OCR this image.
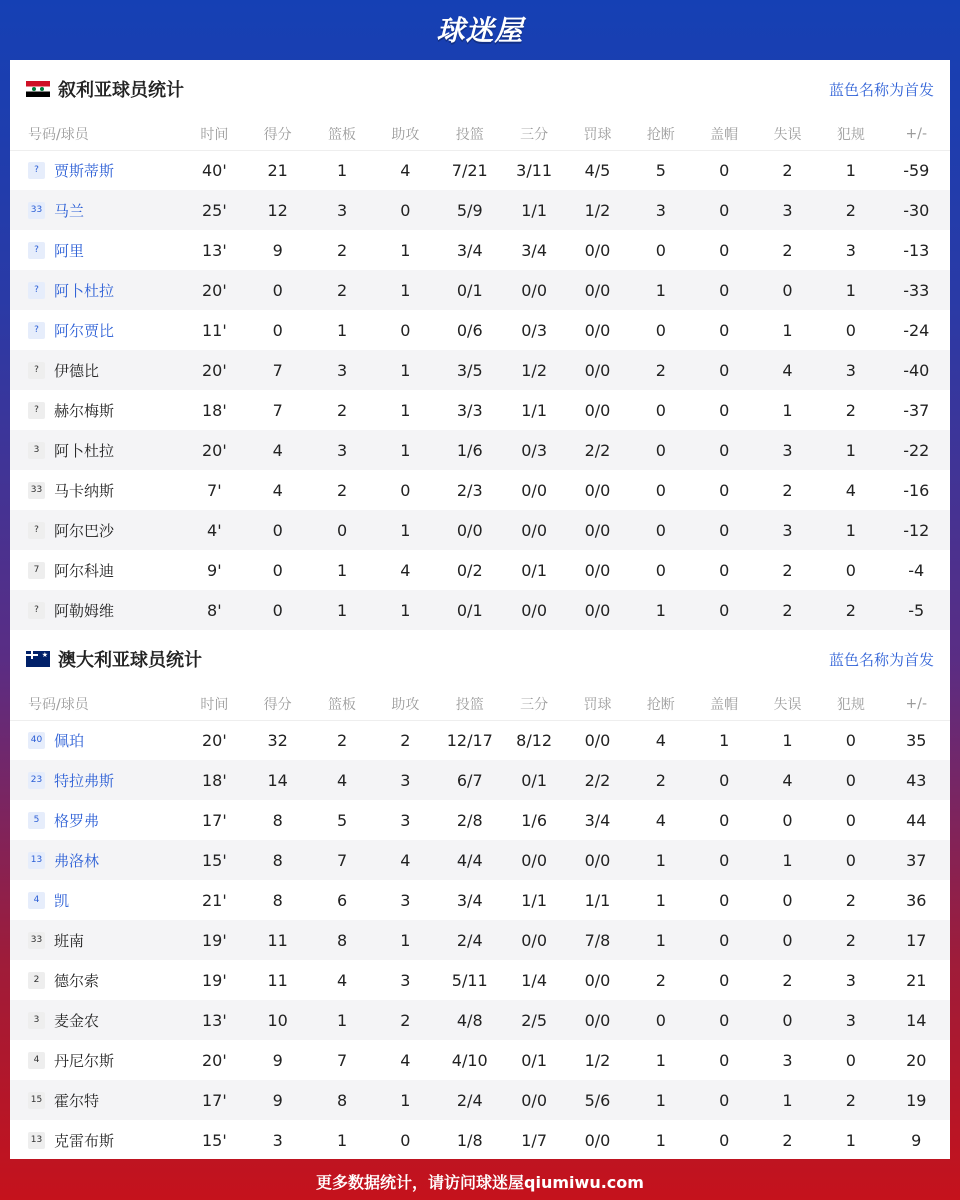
球迷屋
叙利亚球员统计	蓝色名称为首发
号码/球员	时间	得分	篮板	助攻	投篮	三分	罚球	抢断	盖帽	失误	犯规	+/-
? 贾斯蒂斯	40'	21	1	4	7/21	3/11	4/5	5	0	2	1	-59
33 马兰	25'	12	3	0	5/9	1/1	1/2	3	0	3	2	-30
? 阿里	13'	9	2	1	3/4	3/4	0/0	0	0	2	3	-13
? 阿卜杜拉	20'	0	2	1	0/1	0/0	0/0	1	0	0	1	-33
? 阿尔贾比	11'	0	1	0	0/6	0/3	0/0	0	0	1	0	-24
? 伊德比	20'	7	3	1	3/5	1/2	0/0	2	0	4	3	-40
? 赫尔梅斯	18'	7	2	1	3/3	1/1	0/0	0	0	1	2	-37
3 阿卜杜拉	20'	4	3	1	1/6	0/3	2/2	0	0	3	1	-22
33 马卡纳斯	7'	4	2	0	2/3	0/0	0/0	0	0	2	4	-16
? 阿尔巴沙	4'	0	0	1	0/0	0/0	0/0	0	0	3	1	-12
7 阿尔科迪	9'	0	1	4	0/2	0/1	0/0	0	0	2	0	-4
? 阿勒姆维	8'	0	1	1	0/1	0/0	0/0	1	0	2	2	-5
★
澳大利亚球员统计	蓝色名称为首发
号码/球员	时间	得分	篮板	助攻	投篮	三分	罚球	抢断	盖帽	失误	犯规	+/-
40 佩珀	20'	32	2	2	12/17	8/12	0/0	4	1	1	0	35
23 特拉弗斯	18'	14	4	3	6/7	0/1	2/2	2	0	4	0	43
5 格罗弗	17'	8	5	3	2/8	1/6	3/4	4	0	0	0	44
13 弗洛林	15'	8	7	4	4/4	0/0	0/0	1	0	1	0	37
4 凯	21'	8	6	3	3/4	1/1	1/1	1	0	0	2	36
33 班南	19'	11	8	1	2/4	0/0	7/8	1	0	0	2	17
2 德尔索	19'	11	4	3	5/11	1/4	0/0	2	0	2	3	21
3 麦金农	13'	10	1	2	4/8	2/5	0/0	0	0	0	3	14
4 丹尼尔斯	20'	9	7	4	4/10	0/1	1/2	1	0	3	0	20
15 霍尔特	17'	9	8	1	2/4	0/0	5/6	1	0	1	2	19
13 克雷布斯	15'	3	1	0	1/8	1/7	0/0	1	0	2	1	9
更多数据统计，请访问球迷屋qiumiwu.com
